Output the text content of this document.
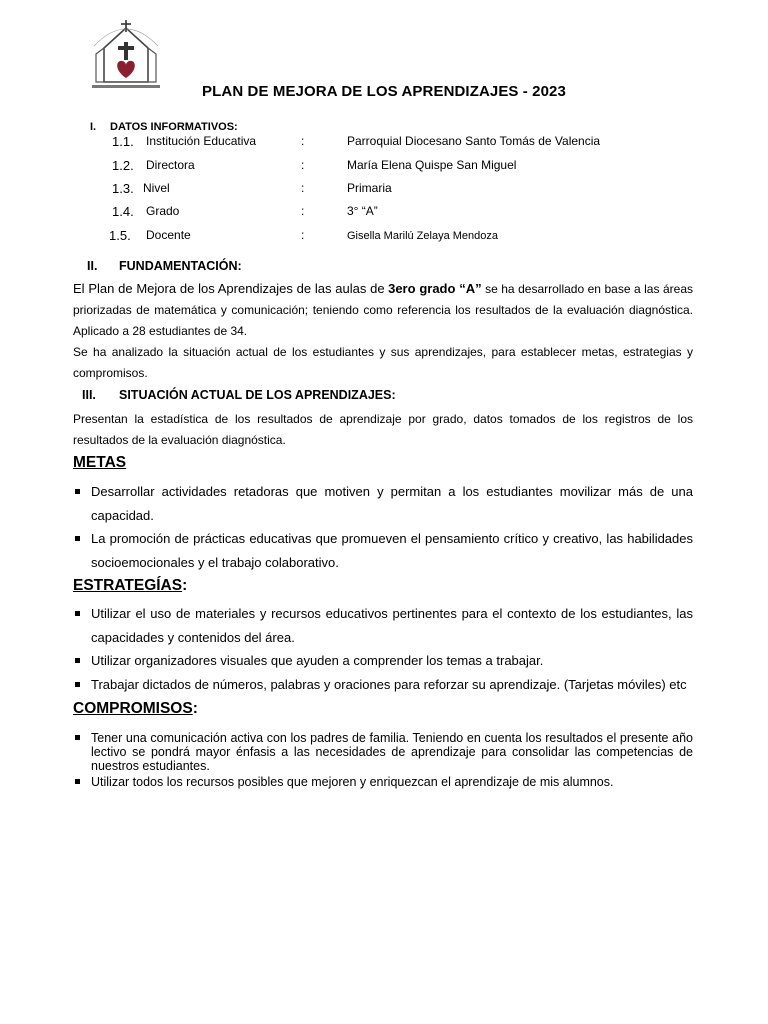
PLAN DE MEJORA DE LOS APRENDIZAJES - 2023
I. DATOS INFORMATIVOS:
1.1. Institución Educativa	:	Parroquial Diocesano Santo Tomás de Valencia
1.2. Directora	:	María Elena Quispe San Miguel
1.3. Nivel	:	Primaria
1.4. Grado	:	3° “A”
1.5. Docente	:	Gisella Marilú Zelaya Mendoza
II. FUNDAMENTACIÓN:
El Plan de Mejora de los Aprendizajes de las aulas de 3ero grado “A” se ha desarrollado en base a las áreas priorizadas de matemática y comunicación; teniendo como referencia los resultados de la evaluación diagnóstica. Aplicado a 28 estudiantes de 34.
Se ha analizado la situación actual de los estudiantes y sus aprendizajes, para establecer metas, estrategias y compromisos.
III. SITUACIÓN ACTUAL DE LOS APRENDIZAJES:
Presentan la estadística de los resultados de aprendizaje por grado, datos tomados de los registros de los resultados de la evaluación diagnóstica.
METAS
Desarrollar actividades retadoras que motiven y permitan a los estudiantes movilizar más de una capacidad.
La promoción de prácticas educativas que promueven el pensamiento crítico y creativo, las habilidades socioemocionales y el trabajo colaborativo.
ESTRATEGÍAS:
Utilizar el uso de materiales y recursos educativos pertinentes para el contexto de los estudiantes, las capacidades y contenidos del área.
Utilizar organizadores visuales que ayuden a comprender los temas a trabajar.
Trabajar dictados de números, palabras y oraciones para reforzar su aprendizaje. (Tarjetas móviles) etc
COMPROMISOS:
Tener una comunicación activa con los padres de familia. Teniendo en cuenta los resultados el presente año lectivo se pondrá mayor énfasis a las necesidades de aprendizaje para consolidar las competencias de nuestros estudiantes.
Utilizar todos los recursos posibles que mejoren y enriquezcan el aprendizaje de mis alumnos.
